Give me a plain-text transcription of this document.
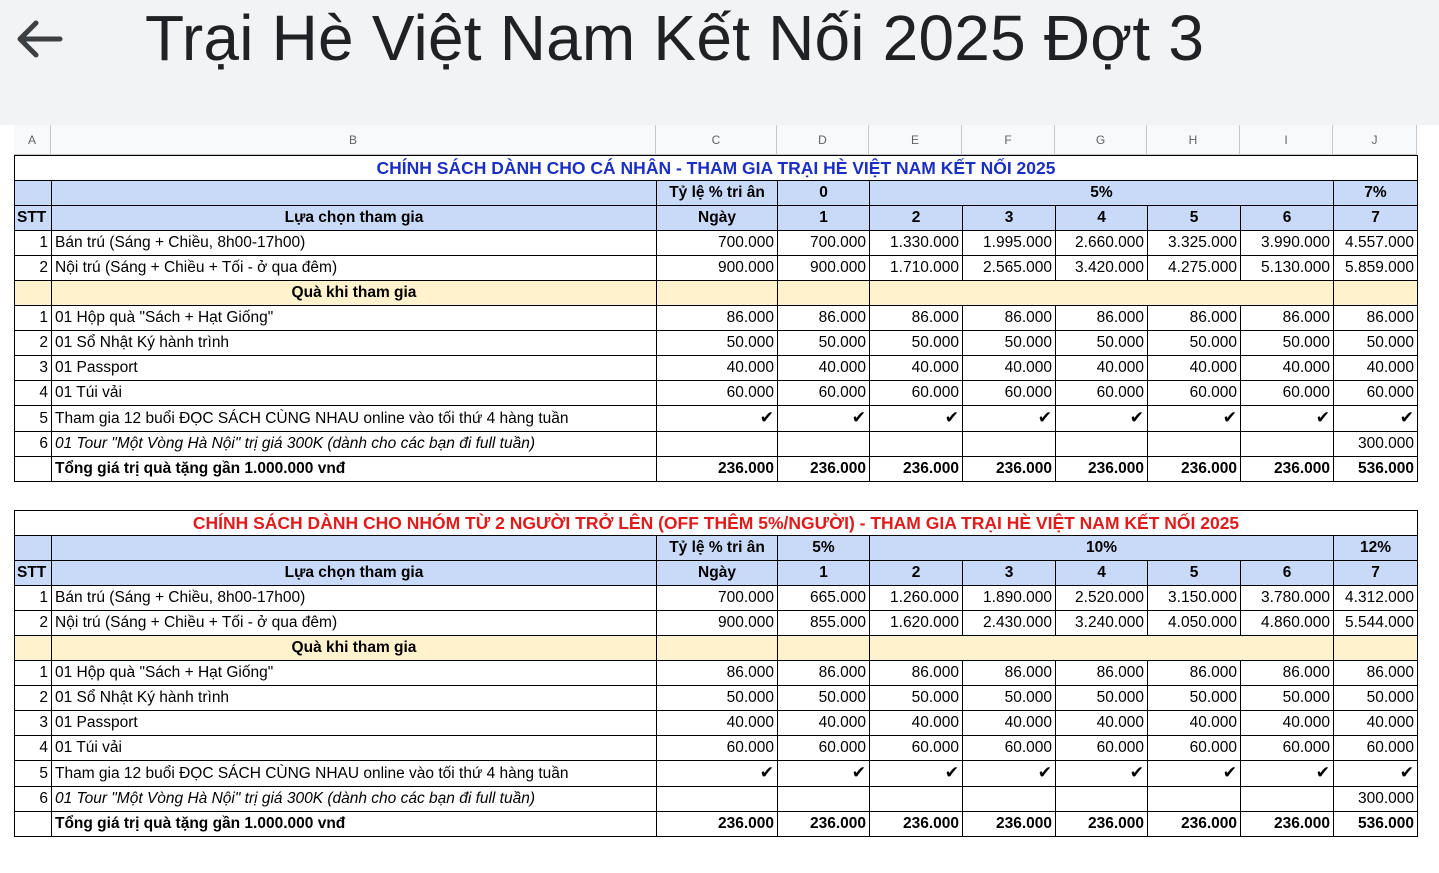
Trại Hè Việt Nam Kết Nối 2025 Đợt 3
A	B	C	D	E	F	G	H	I	J
CHÍNH SÁCH DÀNH CHO CÁ NHÂN - THAM GIA TRẠI HÈ VIỆT NAM KẾT NỐI 2025									
		Tỷ lệ % tri ân	0	5%					7%
STT	Lựa chọn tham gia	Ngày	1	2	3	4	5	6	7
1	Bán trú (Sáng + Chiều, 8h00-17h00)	700.000	700.000	1.330.000	1.995.000	2.660.000	3.325.000	3.990.000	4.557.000
2	Nội trú (Sáng + Chiều + Tối - ở qua đêm)	900.000	900.000	1.710.000	2.565.000	3.420.000	4.275.000	5.130.000	5.859.000
	Quà khi tham gia								
1	01 Hộp quà "Sách + Hạt Giống"	86.000	86.000	86.000	86.000	86.000	86.000	86.000	86.000
2	01 Sổ Nhật Ký hành trình	50.000	50.000	50.000	50.000	50.000	50.000	50.000	50.000
3	01 Passport	40.000	40.000	40.000	40.000	40.000	40.000	40.000	40.000
4	01 Túi vải	60.000	60.000	60.000	60.000	60.000	60.000	60.000	60.000
5	Tham gia 12 buổi ĐỌC SÁCH CÙNG NHAU online vào tối thứ 4 hàng tuần	✔	✔	✔	✔	✔	✔	✔	✔
6	01 Tour "Một Vòng Hà Nội" trị giá 300K (dành cho các bạn đi full tuần)								300.000
	Tổng giá trị quà tặng gần 1.000.000 vnđ	236.000	236.000	236.000	236.000	236.000	236.000	236.000	536.000
CHÍNH SÁCH DÀNH CHO NHÓM TỪ 2 NGƯỜI TRỞ LÊN (OFF THÊM 5%/NGƯỜI) - THAM GIA TRẠI HÈ VIỆT NAM KẾT NỐI 2025									
		Tỷ lệ % tri ân	5%	10%					12%
STT	Lựa chọn tham gia	Ngày	1	2	3	4	5	6	7
1	Bán trú (Sáng + Chiều, 8h00-17h00)	700.000	665.000	1.260.000	1.890.000	2.520.000	3.150.000	3.780.000	4.312.000
2	Nội trú (Sáng + Chiều + Tối - ở qua đêm)	900.000	855.000	1.620.000	2.430.000	3.240.000	4.050.000	4.860.000	5.544.000
	Quà khi tham gia								
1	01 Hộp quà "Sách + Hạt Giống"	86.000	86.000	86.000	86.000	86.000	86.000	86.000	86.000
2	01 Sổ Nhật Ký hành trình	50.000	50.000	50.000	50.000	50.000	50.000	50.000	50.000
3	01 Passport	40.000	40.000	40.000	40.000	40.000	40.000	40.000	40.000
4	01 Túi vải	60.000	60.000	60.000	60.000	60.000	60.000	60.000	60.000
5	Tham gia 12 buổi ĐỌC SÁCH CÙNG NHAU online vào tối thứ 4 hàng tuần	✔	✔	✔	✔	✔	✔	✔	✔
6	01 Tour "Một Vòng Hà Nội" trị giá 300K (dành cho các bạn đi full tuần)								300.000
	Tổng giá trị quà tặng gần 1.000.000 vnđ	236.000	236.000	236.000	236.000	236.000	236.000	236.000	536.000
